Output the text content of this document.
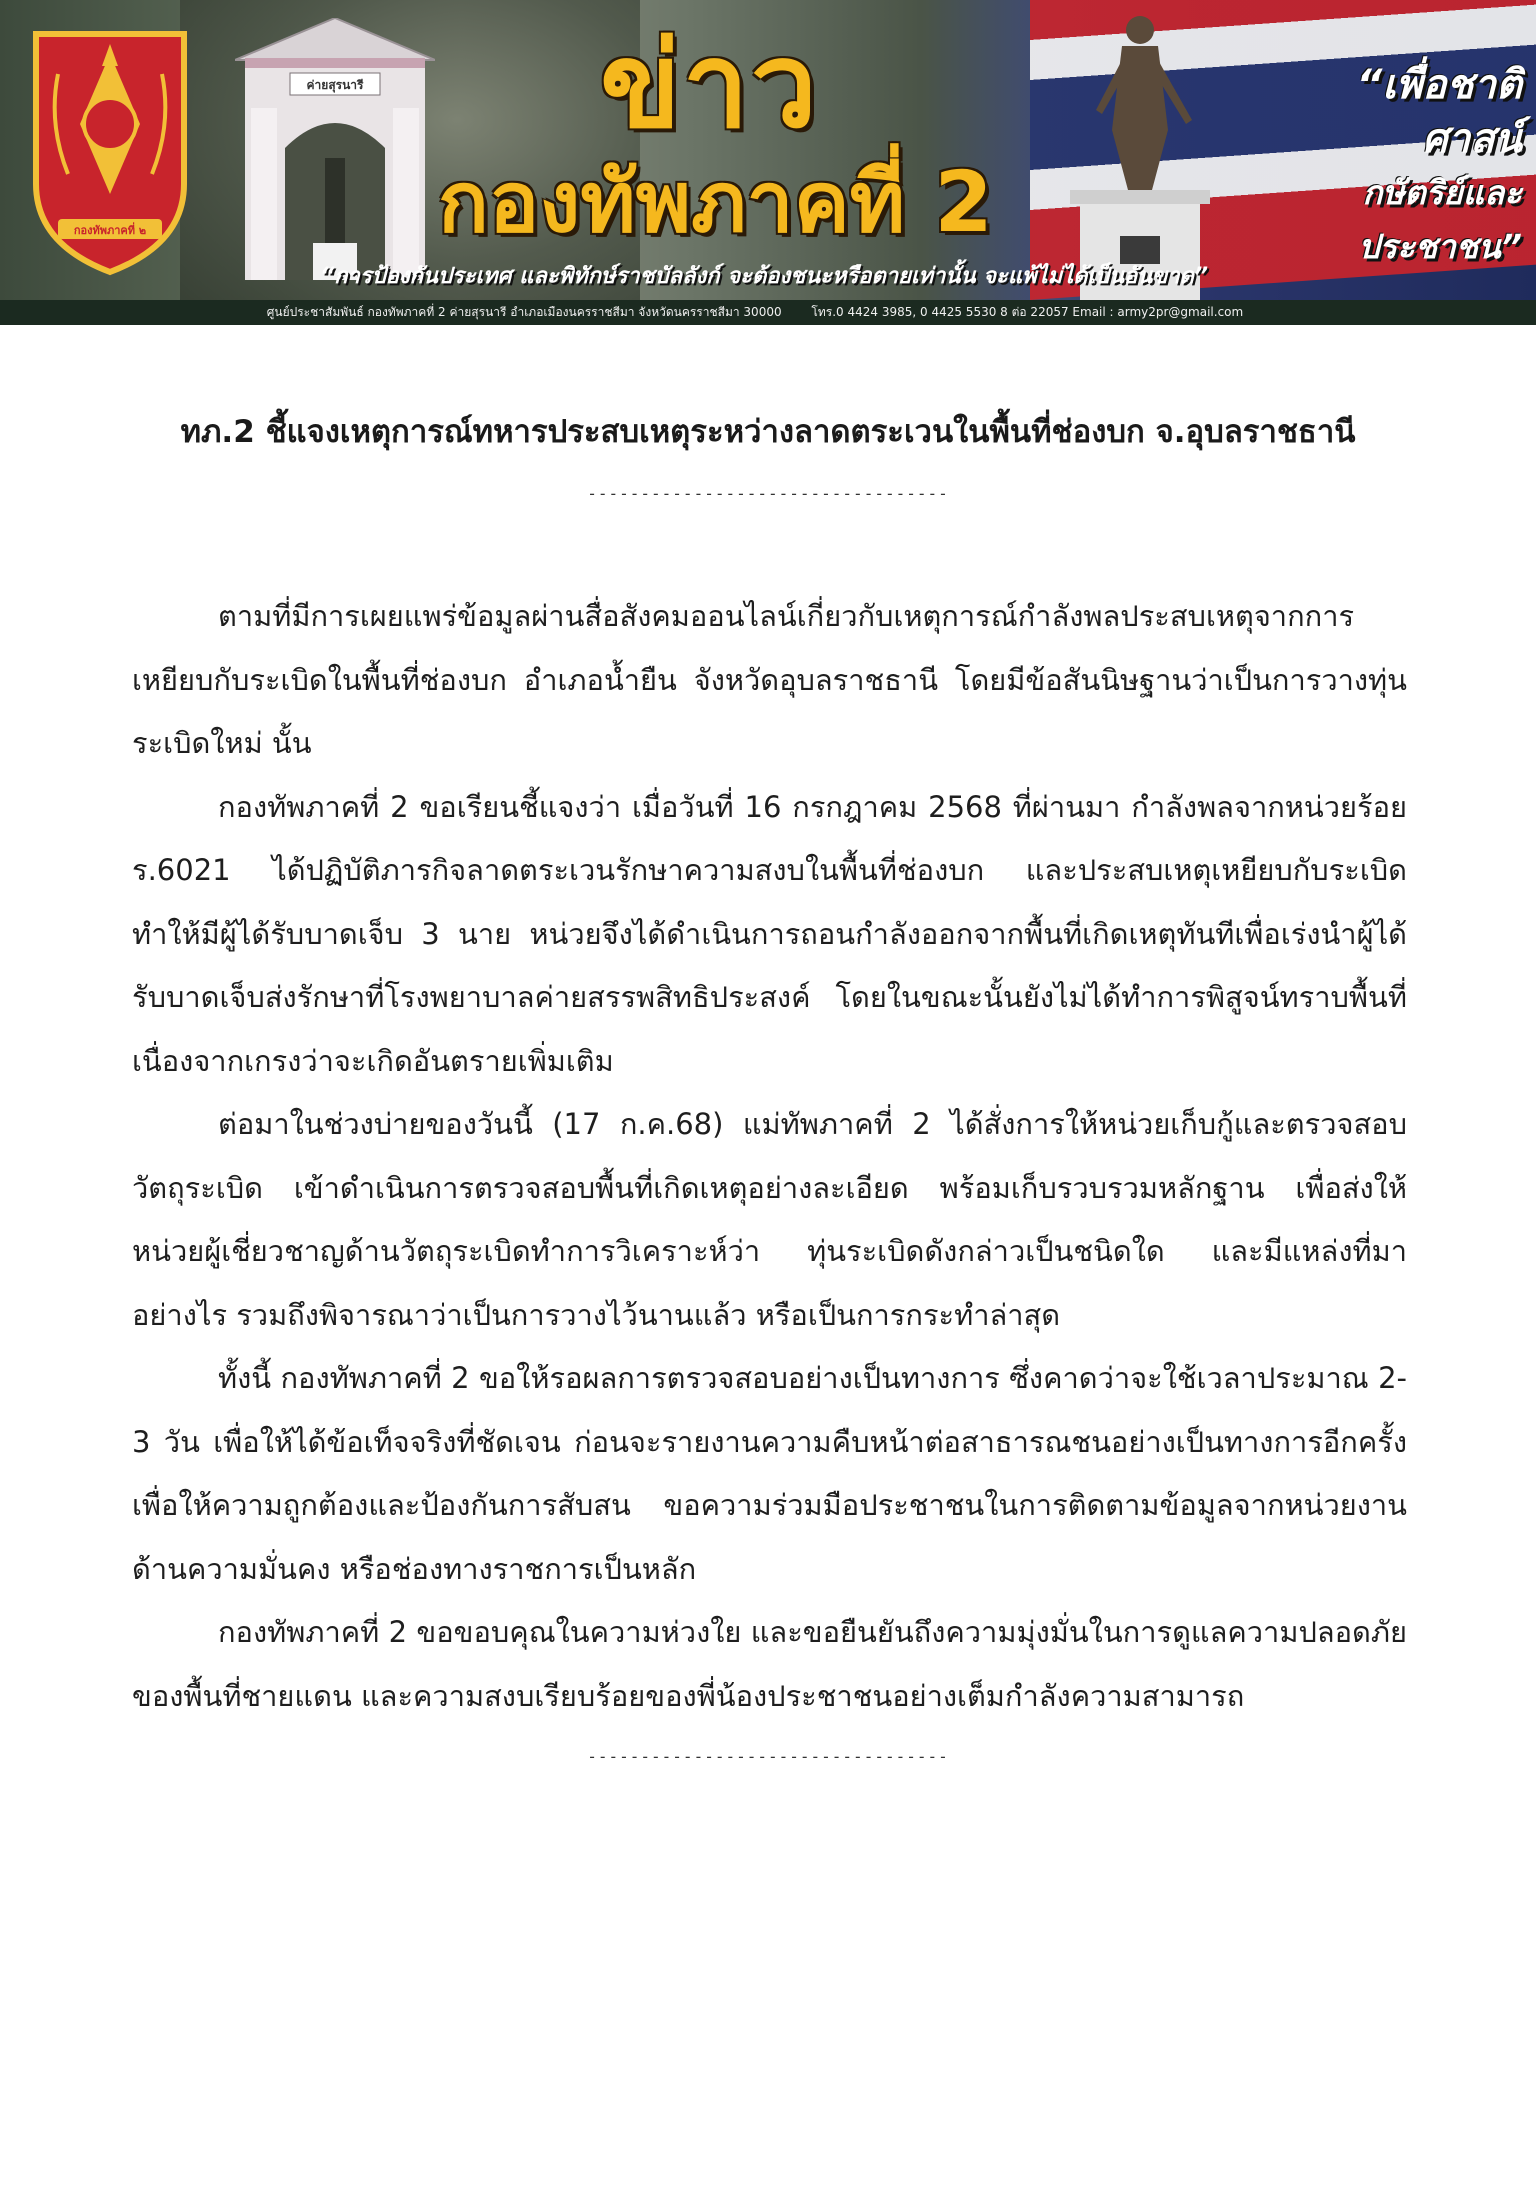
ค่ายสุรนารี
กองทัพภาคที่ ๒
ข่าว
กองทัพภาคที่ 2
“เพื่อชาติ
ศาสน์
กษัตริย์และประชาชน”
“การป้องกันประเทศ และพิทักษ์ราชบัลลังก์ จะต้องชนะหรือตายเท่านั้น จะแพ้ไม่ได้เป็นอันขาด”
ศูนย์ประชาสัมพันธ์ กองทัพภาคที่ 2 ค่ายสุรนารี อำเภอเมืองนครราชสีมา จังหวัดนครราชสีมา 30000 โทร.0 4424 3985, 0 4425 5530 8 ต่อ 22057 Email : army2pr@gmail.com
ทภ.2 ชี้แจงเหตุการณ์ทหารประสบเหตุระหว่างลาดตระเวนในพื้นที่ช่องบก จ.อุบลราชธานี
----------------------------------

ตามที่มีการเผยแพร่ข้อมูลผ่านสื่อสังคมออนไลน์เกี่ยวกับเหตุการณ์กำลังพลประสบเหตุจากการเหยียบกับระเบิดในพื้นที่ช่องบก อำเภอน้ำยืน จังหวัดอุบลราชธานี โดยมีข้อสันนิษฐานว่าเป็นการวางทุ่นระเบิดใหม่ นั้น

กองทัพภาคที่ 2 ขอเรียนชี้แจงว่า เมื่อวันที่ 16 กรกฎาคม 2568 ที่ผ่านมา กำลังพลจากหน่วยร้อย ร.6021 ได้ปฏิบัติภารกิจลาดตระเวนรักษาความสงบในพื้นที่ช่องบก และประสบเหตุเหยียบกับระเบิด ทำให้มีผู้ได้รับบาดเจ็บ 3 นาย หน่วยจึงได้ดำเนินการถอนกำลังออกจากพื้นที่เกิดเหตุทันทีเพื่อเร่งนำผู้ได้รับบาดเจ็บส่งรักษาที่โรงพยาบาลค่ายสรรพสิทธิประสงค์ โดยในขณะนั้นยังไม่ได้ทำการพิสูจน์ทราบพื้นที่ เนื่องจากเกรงว่าจะเกิดอันตรายเพิ่มเติม

ต่อมาในช่วงบ่ายของวันนี้ (17 ก.ค.68) แม่ทัพภาคที่ 2 ได้สั่งการให้หน่วยเก็บกู้และตรวจสอบวัตถุระเบิด เข้าดำเนินการตรวจสอบพื้นที่เกิดเหตุอย่างละเอียด พร้อมเก็บรวบรวมหลักฐาน เพื่อส่งให้หน่วยผู้เชี่ยวชาญด้านวัตถุระเบิดทำการวิเคราะห์ว่า ทุ่นระเบิดดังกล่าวเป็นชนิดใด และมีแหล่งที่มาอย่างไร รวมถึงพิจารณาว่าเป็นการวางไว้นานแล้ว หรือเป็นการกระทำล่าสุด

ทั้งนี้ กองทัพภาคที่ 2 ขอให้รอผลการตรวจสอบอย่างเป็นทางการ ซึ่งคาดว่าจะใช้เวลาประมาณ 2-3 วัน เพื่อให้ได้ข้อเท็จจริงที่ชัดเจน ก่อนจะรายงานความคืบหน้าต่อสาธารณชนอย่างเป็นทางการอีกครั้ง เพื่อให้ความถูกต้องและป้องกันการสับสน ขอความร่วมมือประชาชนในการติดตามข้อมูลจากหน่วยงานด้านความมั่นคง หรือช่องทางราชการเป็นหลัก

กองทัพภาคที่ 2 ขอขอบคุณในความห่วงใย และขอยืนยันถึงความมุ่งมั่นในการดูแลความปลอดภัยของพื้นที่ชายแดน และความสงบเรียบร้อยของพี่น้องประชาชนอย่างเต็มกำลังความสามารถ

----------------------------------
